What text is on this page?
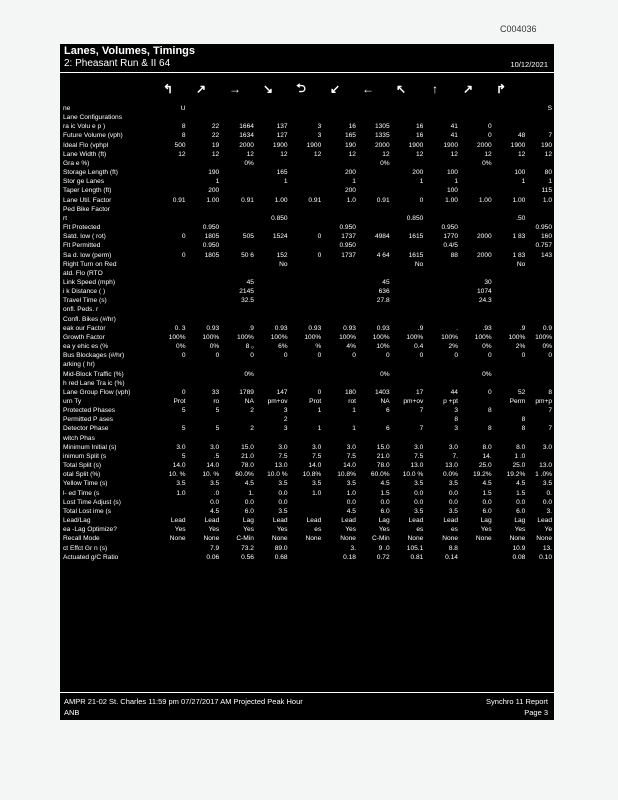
C004036
Lanes, Volumes, Timings
2: Pheasant Run & II 64	10/12/2021
↰	↗	→	↘	⮌	↙	←	↖	↑	↗	↱
ne	U											S
Lane Configurations												
ra ic Volu e p )	8	22	1664	137	3	16	1305	16	41	0		
Future Volume (vph)	8	22	1634	127	3	165	1335	16	41	0	48	7
Ideal Flo (vphpl	500	19	2000	1900	1900	190	2000	1900	1900	2000	1900	190
Lane Width (ft)	12	12	12	12	12	12	12	12	12	12	12	12
Gra e %)			0%				0%			0%		
Storage Length (ft)		190		165		200		200	100		100	80
Stor ge Lanes		1		1		1		1	1		1	1
Taper Length (ft)		200				200			100			115
Lane Util. Factor	0.91	1.00	0.91	1.00	0.91	1.0	0.91	0	1.00	1.00	1.00	1.0
Ped Bike Factor												
rt				0.850				0.850			.50	
Flt Protected		0.950				0.950			0.950			0.950
Satd. low ( rot)	0	1805	505	1524	0	1737	4984	1615	1770	2000	1 83	160
Flt Permitted		0.950				0.950			0.4/5			0.757
Sa d. low (perm)	0	1805	50 6	152	0	1737	4 64	1615	88	2000	1 83	143
Right Turn on Red				No				No			No	
atd. Flo (RTO												
Link Speed (mph)			45				45			30		
i k Distance ( )			2145				636			1074		
Travel Time (s)			32.5				27.8			24.3		
onfl. Peds. r												
Confl. Bikes (#/hr)												
eak our Factor	0. 3	0.93	.9	0.93	0.93	0.93	0.93	.9	.	.93	.9	0.9
Growth Factor	100%	100%	100%	100%	100%	100%	100%	100%	100%	100%	100%	100%
ea y ehic es (%	0%	0%	8 ₀	6%	%	4%	10%	0.4	2%	0%	2%	0%
Bus Blockages (#/hr)	0	0	0	0	0	0	0	0	0	0	0	0
arking ( hr)												
Mid-Block Traffic (%)			0%				0%			0%		
h red Lane Tra ic (%)												
Lane Group Flow (vph)	0	33	1789	147	0	180	1403	17	44	0	52	8
urn Ty	Prot	ro	NA	pm+ov	Prot	rot	NA	pm+ov	p +pt		Perm	pm+p
Protected Phases	5	5	2	3	1	1	6	7	3	8		7
Permitted P ases				2					8		8	
Detector Phase	5	5	2	3	1	1	6	7	3	8	8	7
witch Phas												
Minimum Initial (s)	3.0	3.0	15.0	3.0	3.0	3.0	15.0	3.0	3.0	8.0	8.0	3.0
inimum Split (s	5	.5	21.0	7.5	7.5	7.5	21.0	7.5	7.	14.	1 .0	
Total Split (s)	14.0	14.0	78.0	13.0	14.0	14.0	78.0	13.0	13.0	25.0	25.0	13.0
otal Split (%)	10. %	10. %	60.0%	10.0 %	10.8%	10.8%	60.0%	10.0 %	0.0%	19.2%	19.2%	1 .0%
Yellow Time (s)	3.5	3.5	4.5	3.5	3.5	3.5	4.5	3.5	3.5	4.5	4.5	3.5
l- ed Time (s	1.0	.0	1.	0.0	1.0	1.0	1.5	0.0	0.0	1.5	1.5	0.
Lost Time Adjust (s)		0.0	0.0	0.0		0.0	0.0	0.0	0.0	0.0	0.0	0.0
Total Lost ime (s		4.5	6.0	3.5		4.5	6.0	3.5	3.5	6.0	6.0	3.
Lead/Lag	Lead	Lead	Lag	Lead	Lead	Lead	Lag	Lead	Lead	Lag	Lag	Lead
ea -Lag Optimize?	Yes	Yes	Yes	Yes	es	Yes	Yes	es	es	Yes	Yes	Ye
Recall Mode	None	None	C-Min	None	None	None	C-Min	None	None	None	None	None
ct Effct Gr n (s)		7.9	73.2	89.0		3.	9 .0	105.1	8.8		10.9	13.
Actuated g/C Ratio		0.06	0.56	0.68		0.18	0.72	0.81	0.14		0.08	0.10
AMPR 21-02 St. Charles 11:59 pm 07/27/2017 AM Projected Peak Hour
ANB
Synchro 11 Report
Page 3
